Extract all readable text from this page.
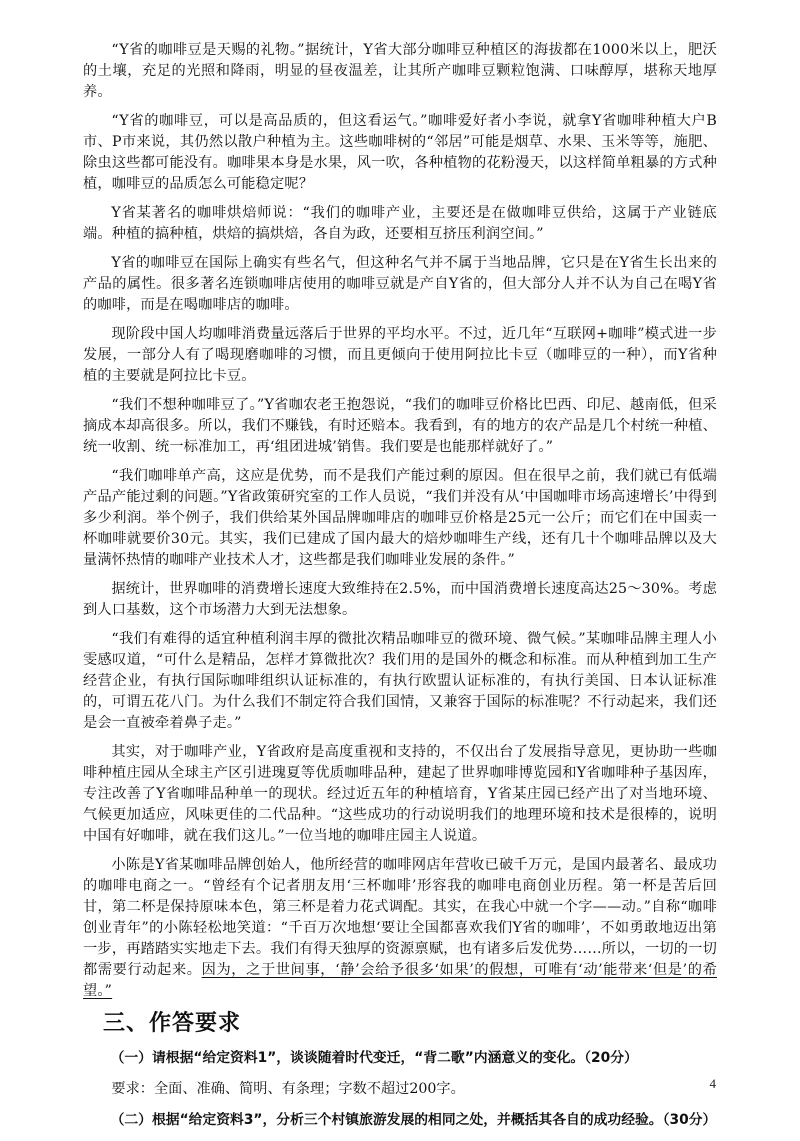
“Y省的咖啡豆是天赐的礼物。”据统计，Y省大部分咖啡豆种植区的海拔都在1000米以上，肥沃的土壤，充足的光照和降雨，明显的昼夜温差，让其所产咖啡豆颗粒饱满、口味醇厚，堪称天地厚养。

“Y省的咖啡豆，可以是高品质的，但这看运气。”咖啡爱好者小李说，就拿Y省咖啡种植大户B市、P市来说，其仍然以散户种植为主。这些咖啡树的“邻居”可能是烟草、水果、玉米等等，施肥、除虫这些都可能没有。咖啡果本身是水果，风一吹，各种植物的花粉漫天，以这样简单粗暴的方式种植，咖啡豆的品质怎么可能稳定呢？

Y省某著名的咖啡烘焙师说：“我们的咖啡产业，主要还是在做咖啡豆供给，这属于产业链底端。种植的搞种植，烘焙的搞烘焙，各自为政，还要相互挤压利润空间。”

Y省的咖啡豆在国际上确实有些名气，但这种名气并不属于当地品牌，它只是在Y省生长出来的产品的属性。很多著名连锁咖啡店使用的咖啡豆就是产自Y省的，但大部分人并不认为自己在喝Y省的咖啡，而是在喝咖啡店的咖啡。

现阶段中国人均咖啡消费量远落后于世界的平均水平。不过，近几年“互联网+咖啡”模式进一步发展，一部分人有了喝现磨咖啡的习惯，而且更倾向于使用阿拉比卡豆（咖啡豆的一种），而Y省种植的主要就是阿拉比卡豆。

“我们不想种咖啡豆了。”Y省咖农老王抱怨说，“我们的咖啡豆价格比巴西、印尼、越南低，但采摘成本却高很多。所以，我们不赚钱，有时还赔本。我看到，有的地方的农产品是几个村统一种植、统一收割、统一标准加工，再‘组团进城’销售。我们要是也能那样就好了。”

“我们咖啡单产高，这应是优势，而不是我们产能过剩的原因。但在很早之前，我们就已有低端产品产能过剩的问题。”Y省政策研究室的工作人员说，“我们并没有从‘中国咖啡市场高速增长’中得到多少利润。举个例子，我们供给某外国品牌咖啡店的咖啡豆价格是25元一公斤；而它们在中国卖一杯咖啡就要价30元。其实，我们已建成了国内最大的焙炒咖啡生产线，还有几十个咖啡品牌以及大量满怀热情的咖啡产业技术人才，这些都是我们咖啡业发展的条件。”

据统计，世界咖啡的消费增长速度大致维持在2.5%，而中国消费增长速度高达25～30%。考虑到人口基数，这个市场潜力大到无法想象。

“我们有难得的适宜种植利润丰厚的微批次精品咖啡豆的微环境、微气候。”某咖啡品牌主理人小雯感叹道，“可什么是精品，怎样才算微批次？我们用的是国外的概念和标准。而从种植到加工生产经营企业，有执行国际咖啡组织认证标准的，有执行欧盟认证标准的，有执行美国、日本认证标准的，可谓五花八门。为什么我们不制定符合我们国情，又兼容于国际的标准呢？不行动起来，我们还是会一直被牵着鼻子走。”

其实，对于咖啡产业，Y省政府是高度重视和支持的，不仅出台了发展指导意见，更协助一些咖啡种植庄园从全球主产区引进瑰夏等优质咖啡品种，建起了世界咖啡博览园和Y省咖啡种子基因库，专注改善了Y省咖啡品种单一的现状。经过近五年的种植培育，Y省某庄园已经产出了对当地环境、气候更加适应，风味更佳的二代品种。“这些成功的行动说明我们的地理环境和技术是很棒的，说明中国有好咖啡，就在我们这儿。”一位当地的咖啡庄园主人说道。

小陈是Y省某咖啡品牌创始人，他所经营的咖啡网店年营收已破千万元，是国内最著名、最成功的咖啡电商之一。“曾经有个记者朋友用‘三杯咖啡’形容我的咖啡电商创业历程。第一杯是苦后回甘，第二杯是保持原味本色，第三杯是着力花式调配。其实，在我心中就一个字——动。”自称“咖啡创业青年”的小陈轻松地笑道：“千百万次地想‘要让全国都喜欢我们Y省的咖啡’，不如勇敢地迈出第一步，再踏踏实实地走下去。我们有得天独厚的资源禀赋，也有诸多后发优势……所以，一切的一切都需要行动起来。因为，之于世间事，‘静’会给予很多‘如果’的假想，可唯有‘动’能带来‘但是’的希望。”

三、作答要求

（一）请根据“给定资料1”，谈谈随着时代变迁，“背二歌”内涵意义的变化。（20分）

要求：全面、准确、简明、有条理；字数不超过200字。

（二）根据“给定资料3”，分析三个村镇旅游发展的相同之处，并概括其各自的成功经验。（30分）

4
